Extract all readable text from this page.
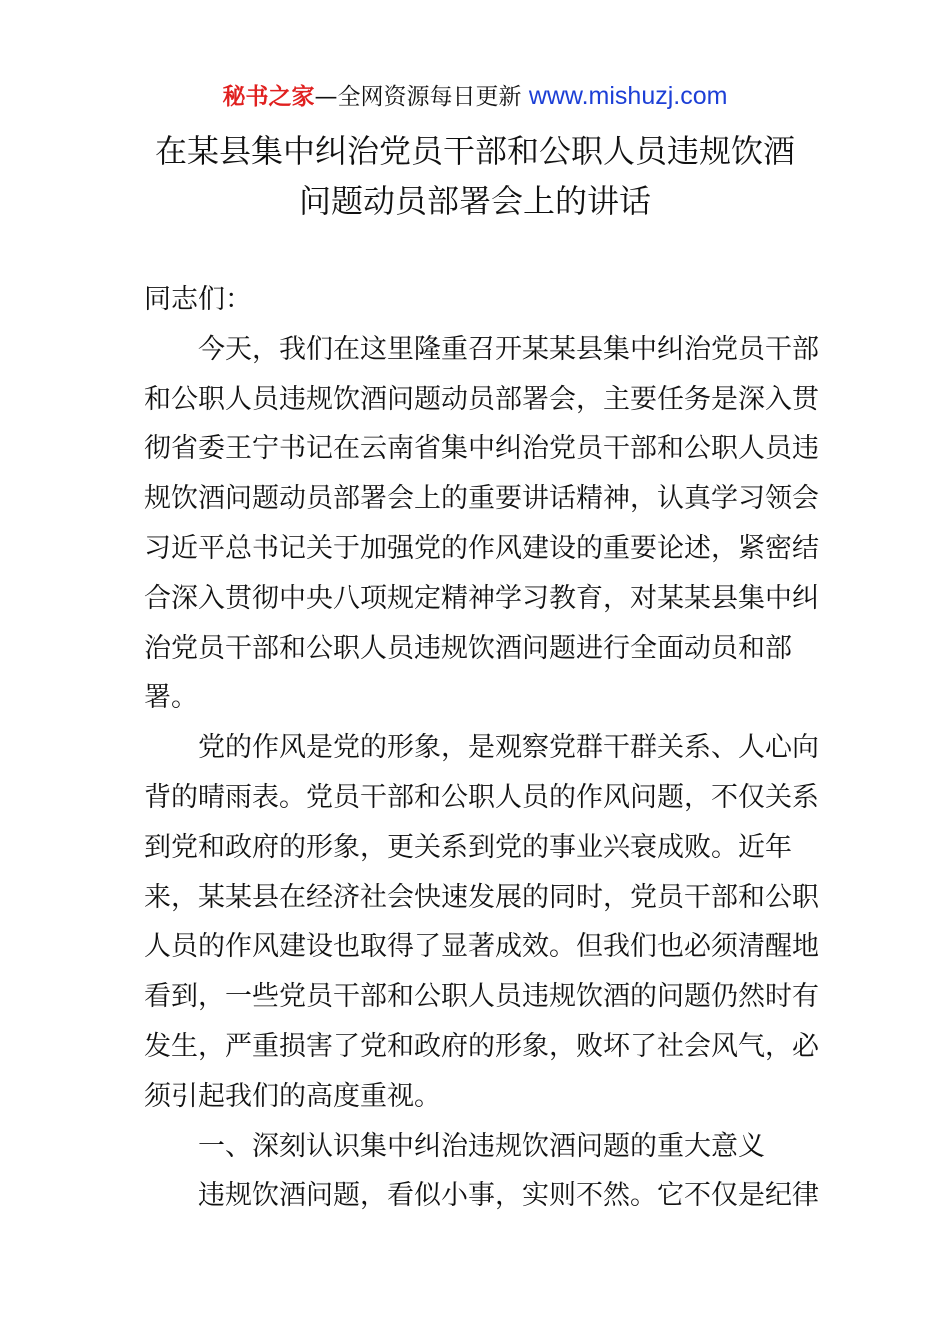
秘书之家—全网资源每日更新 www.mishuzj.com
在某县集中纠治党员干部和公职人员违规饮酒
问题动员部署会上的讲话
同志们：
今天，我们在这里隆重召开某某县集中纠治党员干部
和公职人员违规饮酒问题动员部署会，主要任务是深入贯
彻省委王宁书记在云南省集中纠治党员干部和公职人员违
规饮酒问题动员部署会上的重要讲话精神，认真学习领会
习近平总书记关于加强党的作风建设的重要论述，紧密结
合深入贯彻中央八项规定精神学习教育，对某某县集中纠
治党员干部和公职人员违规饮酒问题进行全面动员和部
署。
党的作风是党的形象，是观察党群干群关系、人心向
背的晴雨表。党员干部和公职人员的作风问题，不仅关系
到党和政府的形象，更关系到党的事业兴衰成败。近年
来，某某县在经济社会快速发展的同时，党员干部和公职
人员的作风建设也取得了显著成效。但我们也必须清醒地
看到，一些党员干部和公职人员违规饮酒的问题仍然时有
发生，严重损害了党和政府的形象，败坏了社会风气，必
须引起我们的高度重视。
一、深刻认识集中纠治违规饮酒问题的重大意义
违规饮酒问题，看似小事，实则不然。它不仅是纪律
